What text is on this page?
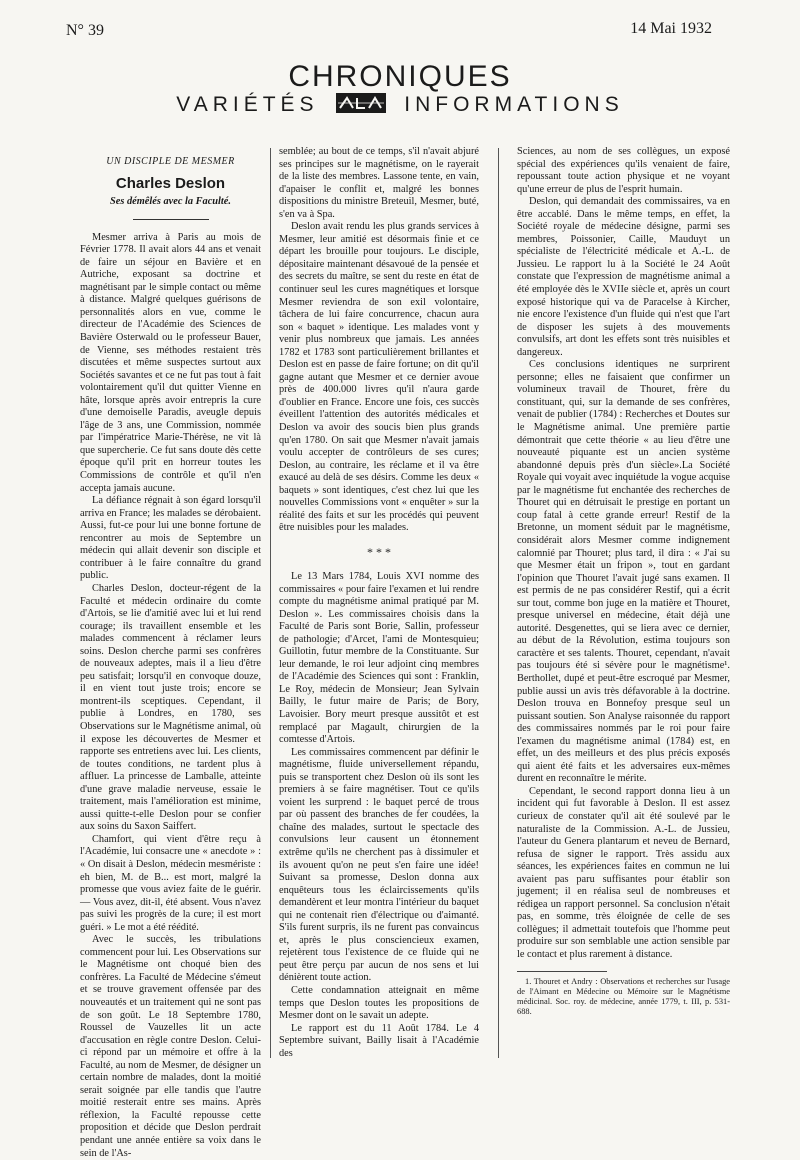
N° 39	14 Mai 1932
CHRONIQUES
VARIÉTÉS	INFORMATIONS
UN DISCIPLE DE MESMER
Charles Deslon
Ses démêlés avec la Faculté.

Mesmer arriva à Paris au mois de Février 1778. Il avait alors 44 ans et venait de faire un séjour en Bavière et en Autriche, exposant sa doctrine et magnétisant par le simple contact ou même à distance. Malgré quelques guérisons de personnalités alors en vue, comme le directeur de l'Académie des Sciences de Bavière Osterwald ou le professeur Bauer, de Vienne, ses méthodes restaient très discutées et même suspectes surtout aux Sociétés savantes et ce ne fut pas tout à fait volontairement qu'il dut quitter Vienne en hâte, lorsque après avoir entrepris la cure d'une demoiselle Paradis, aveugle depuis l'âge de 3 ans, une Commission, nommée par l'impératrice Marie-Thérèse, ne vit là que supercherie. Ce fut sans doute dès cette époque qu'il prit en horreur toutes les Commissions de contrôle et qu'il n'en accepta jamais aucune.

La défiance régnait à son égard lorsqu'il arriva en France; les malades se dérobaient. Aussi, fut-ce pour lui une bonne fortune de rencontrer au mois de Septembre un médecin qui allait devenir son disciple et contribuer à le faire connaître du grand public.

Charles Deslon, docteur-régent de la Faculté et médecin ordinaire du comte d'Artois, se lie d'amitié avec lui et lui rend courage; ils travaillent ensemble et les malades commencent à réclamer leurs soins. Deslon cherche parmi ses confrères de nouveaux adeptes, mais il a lieu d'être peu satisfait; lorsqu'il en convoque douze, il en vient tout juste trois; encore se montrent-ils sceptiques. Cependant, il publie à Londres, en 1780, ses Observations sur le Magnétisme animal, où il expose les découvertes de Mesmer et rapporte ses entretiens avec lui. Les clients, de toutes conditions, ne tardent plus à affluer. La princesse de Lamballe, atteinte d'une grave maladie nerveuse, essaie le traitement, mais l'amélioration est minime, aussi quitte-t-elle Deslon pour se confier aux soins du Saxon Saiffert.

Chamfort, qui vient d'être reçu à l'Académie, lui consacre une « anecdote » : « On disait à Deslon, médecin mesmériste : eh bien, M. de B... est mort, malgré la promesse que vous aviez faite de le guérir. — Vous avez, dit-il, été absent. Vous n'avez pas suivi les progrès de la cure; il est mort guéri. » Le mot a été réédité.

Avec le succès, les tribulations commencent pour lui. Les Observations sur le Magnétisme ont choqué bien des confrères. La Faculté de Médecine s'émeut et se trouve gravement offensée par des nouveautés et un traitement qui ne sont pas de son goût. Le 18 Septembre 1780, Roussel de Vauzelles lit un acte d'accusation en règle contre Deslon. Celui-ci répond par un mémoire et offre à la Faculté, au nom de Mesmer, de désigner un certain nombre de malades, dont la moitié serait soignée par elle tandis que l'autre moitié resterait entre ses mains. Après réflexion, la Faculté repousse cette proposition et décide que Deslon perdrait pendant une année entière sa voix dans le sein de l'As-

semblée; au bout de ce temps, s'il n'avait abjuré ses principes sur le magnétisme, on le rayerait de la liste des membres. Lassone tente, en vain, d'apaiser le conflit et, malgré les bonnes dispositions du ministre Breteuil, Mesmer, buté, s'en va à Spa.

Deslon avait rendu les plus grands services à Mesmer, leur amitié est désormais finie et ce départ les brouille pour toujours. Le disciple, dépositaire maintenant désavoué de la pensée et des secrets du maître, se sent du reste en état de continuer seul les cures magnétiques et lorsque Mesmer reviendra de son exil volontaire, tâchera de lui faire concurrence, chacun aura son « baquet » identique. Les malades vont y venir plus nombreux que jamais. Les années 1782 et 1783 sont particulièrement brillantes et Deslon est en passe de faire fortune; on dit qu'il gagne autant que Mesmer et ce dernier avoue près de 400.000 livres qu'il n'aura garde d'oublier en France. Encore une fois, ces succès éveillent l'attention des autorités médicales et Deslon va avoir des soucis bien plus grands qu'en 1780. On sait que Mesmer n'avait jamais voulu accepter de contrôleurs de ses cures; Deslon, au contraire, les réclame et il va être exaucé au delà de ses désirs. Comme les deux « baquets » sont identiques, c'est chez lui que les nouvelles Commissions vont « enquêter » sur la réalité des faits et sur les procédés qui peuvent être nuisibles pour les malades.

* * *

Le 13 Mars 1784, Louis XVI nomme des commissaires « pour faire l'examen et lui rendre compte du magnétisme animal pratiqué par M. Deslon ». Les commissaires choisis dans la Faculté de Paris sont Borie, Sallin, professeur de pathologie; d'Arcet, l'ami de Montesquieu; Guillotin, futur membre de la Constituante. Sur leur demande, le roi leur adjoint cinq membres de l'Académie des Sciences qui sont : Franklin, Le Roy, médecin de Monsieur; Jean Sylvain Bailly, le futur maire de Paris; de Bory, Lavoisier. Bory meurt presque aussitôt et est remplacé par Magault, chirurgien de la comtesse d'Artois.

Les commissaires commencent par définir le magnétisme, fluide universellement répandu, puis se transportent chez Deslon où ils sont les premiers à se faire magnétiser. Tout ce qu'ils voient les surprend : le baquet percé de trous par où passent des branches de fer coudées, la chaîne des malades, surtout le spectacle des convulsions leur causent un étonnement extrême qu'ils ne cherchent pas à dissimuler et ils avouent qu'on ne peut s'en faire une idée! Suivant sa promesse, Deslon donna aux enquêteurs tous les éclaircissements qu'ils demandèrent et leur montra l'intérieur du baquet qui ne contenait rien d'électrique ou d'aimanté. S'ils furent surpris, ils ne furent pas convaincus et, après le plus consciencieux examen, rejetèrent tous l'existence de ce fluide qui ne peut être perçu par aucun de nos sens et lui dénièrent toute action.

Cette condamnation atteignait en même temps que Deslon toutes les propositions de Mesmer dont on le savait un adepte.

Le rapport est du 11 Août 1784. Le 4 Septembre suivant, Bailly lisait à l'Académie des

Sciences, au nom de ses collègues, un exposé spécial des expériences qu'ils venaient de faire, repoussant toute action physique et ne voyant qu'une erreur de plus de l'esprit humain.

Deslon, qui demandait des commissaires, va en être accablé. Dans le même temps, en effet, la Société royale de médecine désigne, parmi ses membres, Poissonier, Caille, Mauduyt un spécialiste de l'électricité médicale et A.-L. de Jussieu. Le rapport lu à la Société le 24 Août constate que l'expression de magnétisme animal a été employée dès le XVIIe siècle et, après un court exposé historique qui va de Paracelse à Kircher, nie encore l'existence d'un fluide qui n'est que l'art de disposer les sujets à des mouvements convulsifs, art dont les effets sont très nuisibles et dangereux.

Ces conclusions identiques ne surprirent personne; elles ne faisaient que confirmer un volumineux travail de Thouret, frère du constituant, qui, sur la demande de ses confrères, venait de publier (1784) : Recherches et Doutes sur le Magnétisme animal. Une première partie démontrait que cette théorie « au lieu d'être une nouveauté piquante est un ancien système abandonné depuis près d'un siècle».La Société Royale qui voyait avec inquiétude la vogue acquise par le magnétisme fut enchantée des recherches de Thouret qui en détruisait le prestige en portant un coup fatal à cette grande erreur! Restif de la Bretonne, un moment séduit par le magnétisme, considérait alors Mesmer comme indignement calomnié par Thouret; plus tard, il dira : « J'ai su que Mesmer était un fripon », tout en gardant l'opinion que Thouret l'avait jugé sans examen. Il est permis de ne pas considérer Restif, qui a écrit sur tout, comme bon juge en la matière et Thouret, presque universel en médecine, était déjà une autorité. Desgenettes, qui se liera avec ce dernier, au début de la Révolution, estima toujours son caractère et ses talents. Thouret, cependant, n'avait pas toujours été si sévère pour le magnétisme¹. Berthollet, dupé et peut-être escroqué par Mesmer, publie aussi un avis très défavorable à la doctrine. Deslon trouva en Bonnefoy presque seul un puissant soutien. Son Analyse raisonnée du rapport des commissaires nommés par le roi pour faire l'examen du magnétisme animal (1784) est, en effet, un des meilleurs et des plus précis exposés qui aient été faits et les adversaires eux-mêmes durent en reconnaître le mérite.

Cependant, le second rapport donna lieu à un incident qui fut favorable à Deslon. Il est assez curieux de constater qu'il ait été soulevé par le naturaliste de la Commission. A.-L. de Jussieu, l'auteur du Genera plantarum et neveu de Bernard, refusa de signer le rapport. Très assidu aux séances, les expériences faites en commun ne lui avaient pas paru suffisantes pour établir son jugement; il en réalisa seul de nombreuses et rédigea un rapport personnel. Sa conclusion n'était pas, en somme, très éloignée de celle de ses collègues; il admettait toutefois que l'homme peut produire sur son semblable une action sensible par le contact et plus rarement à distance.

1. Thouret et Andry : Observations et recherches sur l'usage de l'Aimant en Médecine ou Mémoire sur le Magnétisme médicinal. Soc. roy. de médecine, année 1779, t. III, p. 531-688.
